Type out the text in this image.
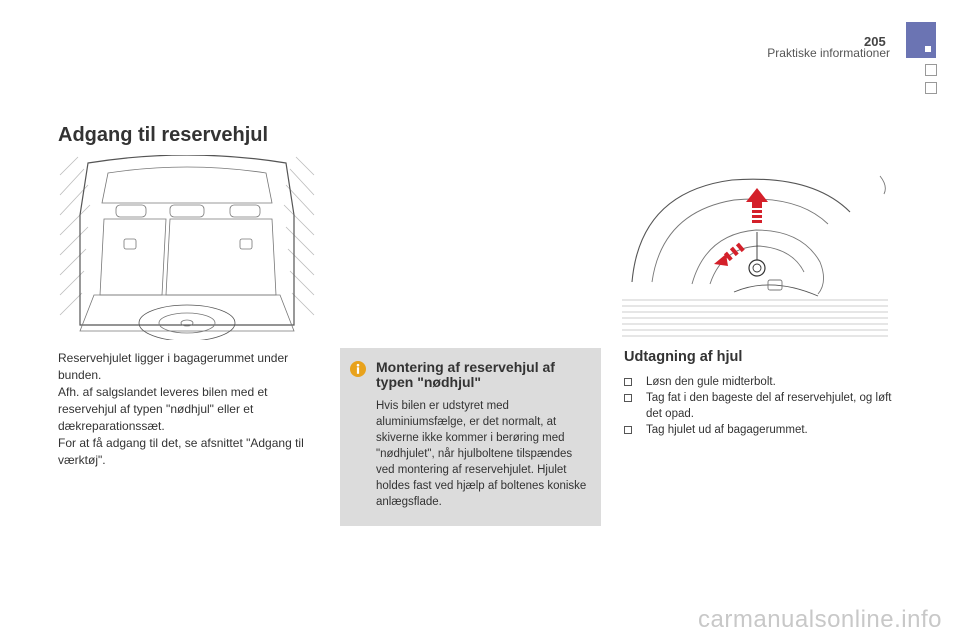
205
Praktiske informationer
Adgang til reservehjul

Reservehjulet ligger i bagagerummet under bunden.

Afh. af salgslandet leveres bilen med et reservehjul af typen "nødhjul" eller et dækreparationssæt.

For at få adgang til det, se afsnittet "Adgang til værktøj".

Montering af reservehjul af typen "nødhjul"

Hvis bilen er udstyret med aluminiumsfælge, er det normalt, at skiverne ikke kommer i berøring med "nødhjulet", når hjulboltene tilspændes ved montering af reservehjulet. Hjulet holdes fast ved hjælp af boltenes koniske anlægsflade.

Udtagning af hjul
Løsn den gule midterbolt.
Tag fat i den bageste del af reservehjulet, og løft det opad.
Tag hjulet ud af bagagerummet.
carmanualsonline.info
